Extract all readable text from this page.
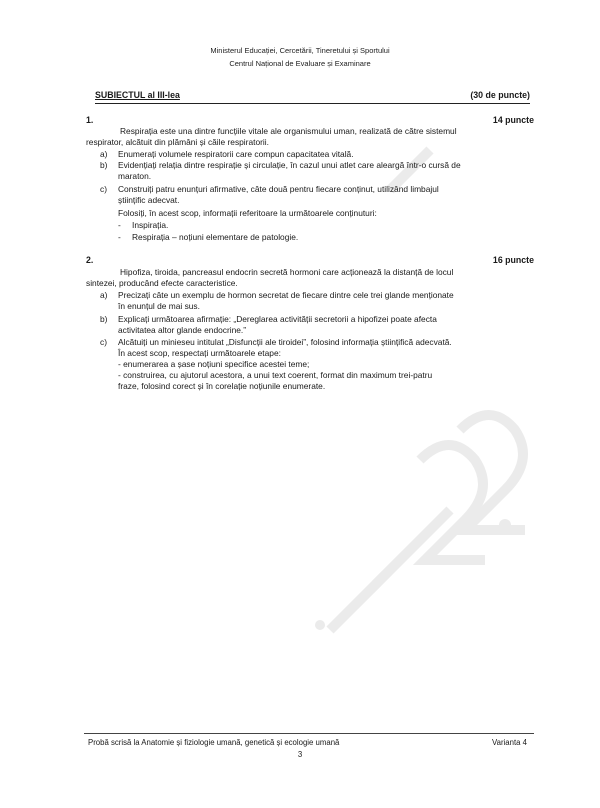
Ministerul Educației, Cercetării, Tineretului și Sportului
Centrul Național de Evaluare și Examinare
SUBIECTUL al III-lea	(30 de puncte)
1.	14 puncte
Respirația este una dintre funcțiile vitale ale organismului uman, realizată de către sistemul
respirator, alcătuit din plămâni și căile respiratorii.
a) Enumerați volumele respiratorii care compun capacitatea vitală.
b) Evidențiați relația dintre respirație și circulație, în cazul unui atlet care aleargă într-o cursă de
maraton.
c) Construiți patru enunțuri afirmative, câte două pentru fiecare conținut, utilizând limbajul
științific adecvat.
Folosiți, în acest scop, informații referitoare la următoarele conținuturi:
- Inspirația.
- Respirația – noțiuni elementare de patologie.
2.	16 puncte
Hipofiza, tiroida, pancreasul endocrin secretă hormoni care acționează la distanță de locul
sintezei, producând efecte caracteristice.
a) Precizați câte un exemplu de hormon secretat de fiecare dintre cele trei glande menționate
în enunțul de mai sus.
b) Explicați următoarea afirmație: „Dereglarea activității secretorii a hipofizei poate afecta
activitatea altor glande endocrine.”
c) Alcătuiți un minieseu intitulat „Disfuncții ale tiroidei”, folosind informația științifică adecvată.
În acest scop, respectați următoarele etape:
- enumerarea a șase noțiuni specifice acestei teme;
- construirea, cu ajutorul acestora, a unui text coerent, format din maximum trei-patru
fraze, folosind corect și în corelație noțiunile enumerate.
Probă scrisă la Anatomie și fiziologie umană, genetică și ecologie umană	Varianta 4
3
